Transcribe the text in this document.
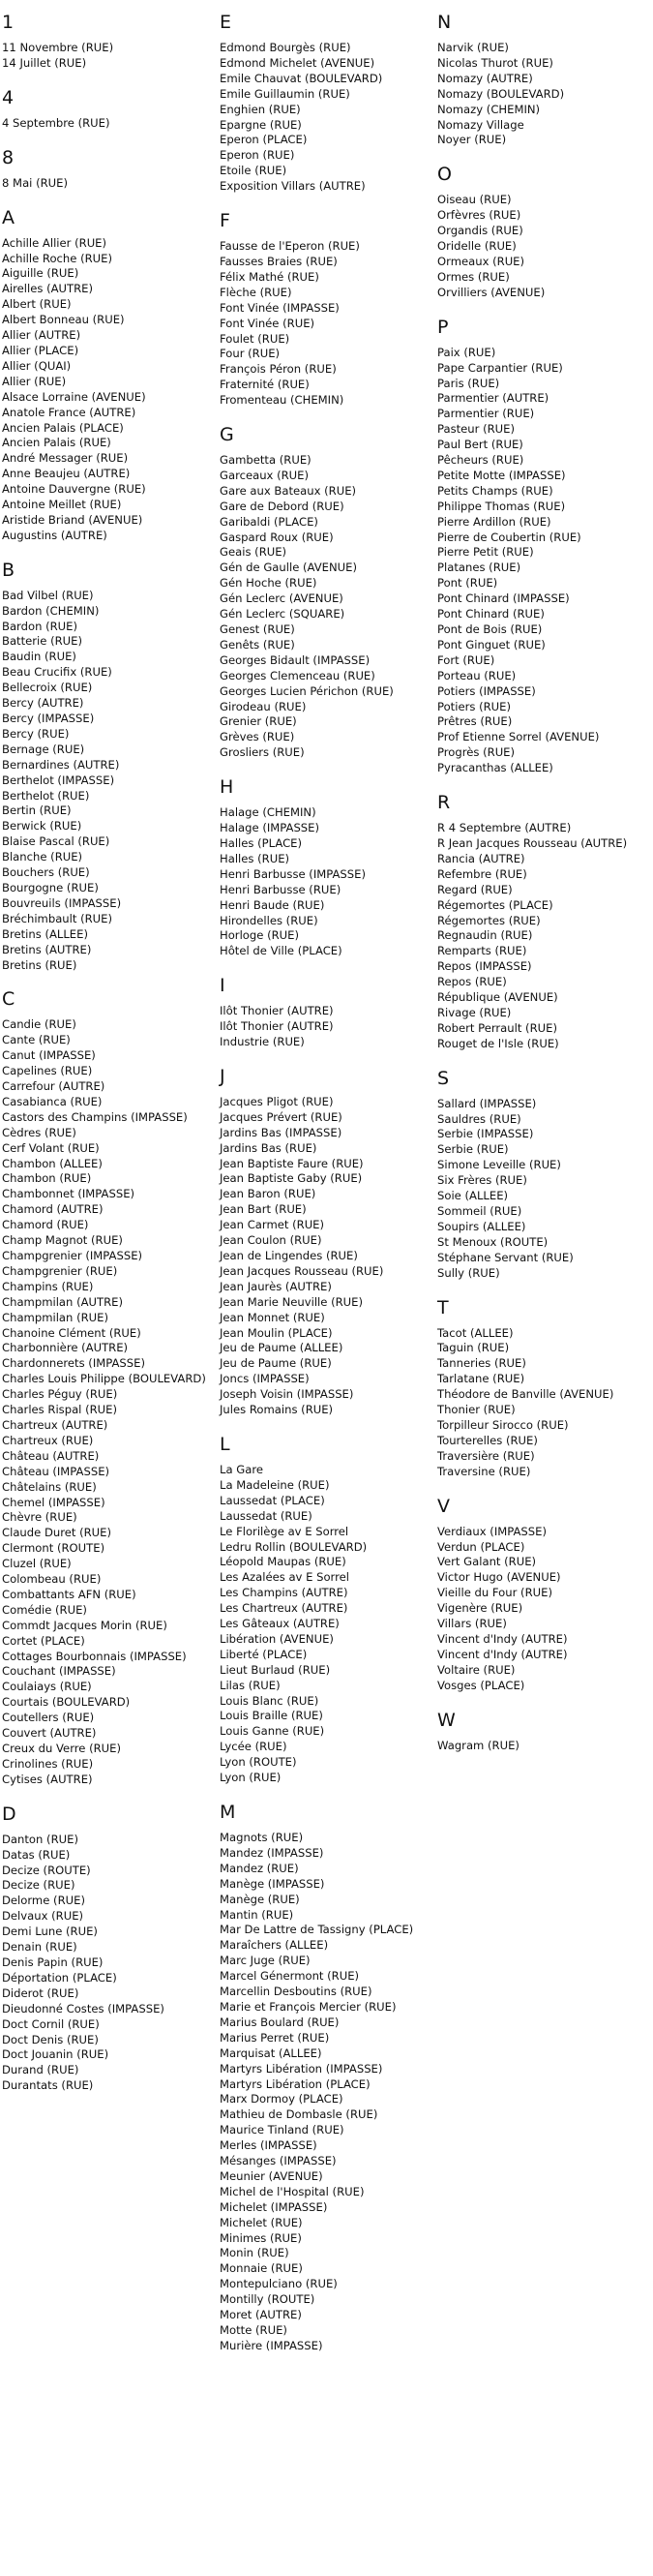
1
11 Novembre (RUE)
14 Juillet (RUE)
4
4 Septembre (RUE)
8
8 Mai (RUE)
A
Achille Allier (RUE)
Achille Roche (RUE)
Aiguille (RUE)
Airelles (AUTRE)
Albert (RUE)
Albert Bonneau (RUE)
Allier (AUTRE)
Allier (PLACE)
Allier (QUAI)
Allier (RUE)
Alsace Lorraine (AVENUE)
Anatole France (AUTRE)
Ancien Palais (PLACE)
Ancien Palais (RUE)
André Messager (RUE)
Anne Beaujeu (AUTRE)
Antoine Dauvergne (RUE)
Antoine Meillet (RUE)
Aristide Briand (AVENUE)
Augustins (AUTRE)
B
Bad Vilbel (RUE)
Bardon (CHEMIN)
Bardon (RUE)
Batterie (RUE)
Baudin (RUE)
Beau Crucifix (RUE)
Bellecroix (RUE)
Bercy (AUTRE)
Bercy (IMPASSE)
Bercy (RUE)
Bernage (RUE)
Bernardines (AUTRE)
Berthelot (IMPASSE)
Berthelot (RUE)
Bertin (RUE)
Berwick (RUE)
Blaise Pascal (RUE)
Blanche (RUE)
Bouchers (RUE)
Bourgogne (RUE)
Bouvreuils (IMPASSE)
Bréchimbault (RUE)
Bretins (ALLEE)
Bretins (AUTRE)
Bretins (RUE)
C
Candie (RUE)
Cante (RUE)
Canut (IMPASSE)
Capelines (RUE)
Carrefour (AUTRE)
Casabianca (RUE)
Castors des Champins (IMPASSE)
Cèdres (RUE)
Cerf Volant (RUE)
Chambon (ALLEE)
Chambon (RUE)
Chambonnet (IMPASSE)
Chamord (AUTRE)
Chamord (RUE)
Champ Magnot (RUE)
Champgrenier (IMPASSE)
Champgrenier (RUE)
Champins (RUE)
Champmilan (AUTRE)
Champmilan (RUE)
Chanoine Clément (RUE)
Charbonnière (AUTRE)
Chardonnerets (IMPASSE)
Charles Louis Philippe (BOULEVARD)
Charles Péguy (RUE)
Charles Rispal (RUE)
Chartreux (AUTRE)
Chartreux (RUE)
Château (AUTRE)
Château (IMPASSE)
Châtelains (RUE)
Chemel (IMPASSE)
Chèvre (RUE)
Claude Duret (RUE)
Clermont (ROUTE)
Cluzel (RUE)
Colombeau (RUE)
Combattants AFN (RUE)
Comédie (RUE)
Commdt Jacques Morin (RUE)
Cortet (PLACE)
Cottages Bourbonnais (IMPASSE)
Couchant (IMPASSE)
Coulaiays (RUE)
Courtais (BOULEVARD)
Coutellers (RUE)
Couvert (AUTRE)
Creux du Verre (RUE)
Crinolines (RUE)
Cytises (AUTRE)
D
Danton (RUE)
Datas (RUE)
Decize (ROUTE)
Decize (RUE)
Delorme (RUE)
Delvaux (RUE)
Demi Lune (RUE)
Denain (RUE)
Denis Papin (RUE)
Déportation (PLACE)
Diderot (RUE)
Dieudonné Costes (IMPASSE)
Doct Cornil (RUE)
Doct Denis (RUE)
Doct Jouanin (RUE)
Durand (RUE)
Durantats (RUE)
E
Edmond Bourgès (RUE)
Edmond Michelet (AVENUE)
Emile Chauvat (BOULEVARD)
Emile Guillaumin (RUE)
Enghien (RUE)
Epargne (RUE)
Eperon (PLACE)
Eperon (RUE)
Etoile (RUE)
Exposition Villars (AUTRE)
F
Fausse de l'Eperon (RUE)
Fausses Braies (RUE)
Félix Mathé (RUE)
Flèche (RUE)
Font Vinée (IMPASSE)
Font Vinée (RUE)
Foulet (RUE)
Four (RUE)
François Péron (RUE)
Fraternité (RUE)
Fromenteau (CHEMIN)
G
Gambetta (RUE)
Garceaux (RUE)
Gare aux Bateaux (RUE)
Gare de Debord (RUE)
Garibaldi (PLACE)
Gaspard Roux (RUE)
Geais (RUE)
Gén de Gaulle (AVENUE)
Gén Hoche (RUE)
Gén Leclerc (AVENUE)
Gén Leclerc (SQUARE)
Genest (RUE)
Genêts (RUE)
Georges Bidault (IMPASSE)
Georges Clemenceau (RUE)
Georges Lucien Périchon (RUE)
Girodeau (RUE)
Grenier (RUE)
Grèves (RUE)
Grosliers (RUE)
H
Halage (CHEMIN)
Halage (IMPASSE)
Halles (PLACE)
Halles (RUE)
Henri Barbusse (IMPASSE)
Henri Barbusse (RUE)
Henri Baude (RUE)
Hirondelles (RUE)
Horloge (RUE)
Hôtel de Ville (PLACE)
I
Ilôt Thonier (AUTRE)
Ilôt Thonier (AUTRE)
Industrie (RUE)
J
Jacques Pligot (RUE)
Jacques Prévert (RUE)
Jardins Bas (IMPASSE)
Jardins Bas (RUE)
Jean Baptiste Faure (RUE)
Jean Baptiste Gaby (RUE)
Jean Baron (RUE)
Jean Bart (RUE)
Jean Carmet (RUE)
Jean Coulon (RUE)
Jean de Lingendes (RUE)
Jean Jacques Rousseau (RUE)
Jean Jaurès (AUTRE)
Jean Marie Neuville (RUE)
Jean Monnet (RUE)
Jean Moulin (PLACE)
Jeu de Paume (ALLEE)
Jeu de Paume (RUE)
Joncs (IMPASSE)
Joseph Voisin (IMPASSE)
Jules Romains (RUE)
L
La Gare
La Madeleine (RUE)
Laussedat (PLACE)
Laussedat (RUE)
Le Florilège av E Sorrel
Ledru Rollin (BOULEVARD)
Léopold Maupas (RUE)
Les Azalées av E Sorrel
Les Champins (AUTRE)
Les Chartreux (AUTRE)
Les Gâteaux (AUTRE)
Libération (AVENUE)
Liberté (PLACE)
Lieut Burlaud (RUE)
Lilas (RUE)
Louis Blanc (RUE)
Louis Braille (RUE)
Louis Ganne (RUE)
Lycée (RUE)
Lyon (ROUTE)
Lyon (RUE)
M
Magnots (RUE)
Mandez (IMPASSE)
Mandez (RUE)
Manège (IMPASSE)
Manège (RUE)
Mantin (RUE)
Mar De Lattre de Tassigny (PLACE)
Maraîchers (ALLEE)
Marc Juge (RUE)
Marcel Génermont (RUE)
Marcellin Desboutins (RUE)
Marie et François Mercier (RUE)
Marius Boulard (RUE)
Marius Perret (RUE)
Marquisat (ALLEE)
Martyrs Libération (IMPASSE)
Martyrs Libération (PLACE)
Marx Dormoy (PLACE)
Mathieu de Dombasle (RUE)
Maurice Tinland (RUE)
Merles (IMPASSE)
Mésanges (IMPASSE)
Meunier (AVENUE)
Michel de l'Hospital (RUE)
Michelet (IMPASSE)
Michelet (RUE)
Minimes (RUE)
Monin (RUE)
Monnaie (RUE)
Montepulciano (RUE)
Montilly (ROUTE)
Moret (AUTRE)
Motte (RUE)
Murière (IMPASSE)
N
Narvik (RUE)
Nicolas Thurot (RUE)
Nomazy (AUTRE)
Nomazy (BOULEVARD)
Nomazy (CHEMIN)
Nomazy Village
Noyer (RUE)
O
Oiseau (RUE)
Orfèvres (RUE)
Organdis (RUE)
Oridelle (RUE)
Ormeaux (RUE)
Ormes (RUE)
Orvilliers (AVENUE)
P
Paix (RUE)
Pape Carpantier (RUE)
Paris (RUE)
Parmentier (AUTRE)
Parmentier (RUE)
Pasteur (RUE)
Paul Bert (RUE)
Pêcheurs (RUE)
Petite Motte (IMPASSE)
Petits Champs (RUE)
Philippe Thomas (RUE)
Pierre Ardillon (RUE)
Pierre de Coubertin (RUE)
Pierre Petit (RUE)
Platanes (RUE)
Pont (RUE)
Pont Chinard (IMPASSE)
Pont Chinard (RUE)
Pont de Bois (RUE)
Pont Ginguet (RUE)
Fort (RUE)
Porteau (RUE)
Potiers (IMPASSE)
Potiers (RUE)
Prêtres (RUE)
Prof Etienne Sorrel (AVENUE)
Progrès (RUE)
Pyracanthas (ALLEE)
R
R 4 Septembre (AUTRE)
R Jean Jacques Rousseau (AUTRE)
Rancia (AUTRE)
Refembre (RUE)
Regard (RUE)
Régemortes (PLACE)
Régemortes (RUE)
Regnaudin (RUE)
Remparts (RUE)
Repos (IMPASSE)
Repos (RUE)
République (AVENUE)
Rivage (RUE)
Robert Perrault (RUE)
Rouget de l'Isle (RUE)
S
Sallard (IMPASSE)
Sauldres (RUE)
Serbie (IMPASSE)
Serbie (RUE)
Simone Leveille (RUE)
Six Frères (RUE)
Soie (ALLEE)
Sommeil (RUE)
Soupirs (ALLEE)
St Menoux (ROUTE)
Stéphane Servant (RUE)
Sully (RUE)
T
Tacot (ALLEE)
Taguin (RUE)
Tanneries (RUE)
Tarlatane (RUE)
Théodore de Banville (AVENUE)
Thonier (RUE)
Torpilleur Sirocco (RUE)
Tourterelles (RUE)
Traversière (RUE)
Traversine (RUE)
V
Verdiaux (IMPASSE)
Verdun (PLACE)
Vert Galant (RUE)
Victor Hugo (AVENUE)
Vieille du Four (RUE)
Vigenère (RUE)
Villars (RUE)
Vincent d'Indy (AUTRE)
Vincent d'Indy (AUTRE)
Voltaire (RUE)
Vosges (PLACE)
W
Wagram (RUE)
